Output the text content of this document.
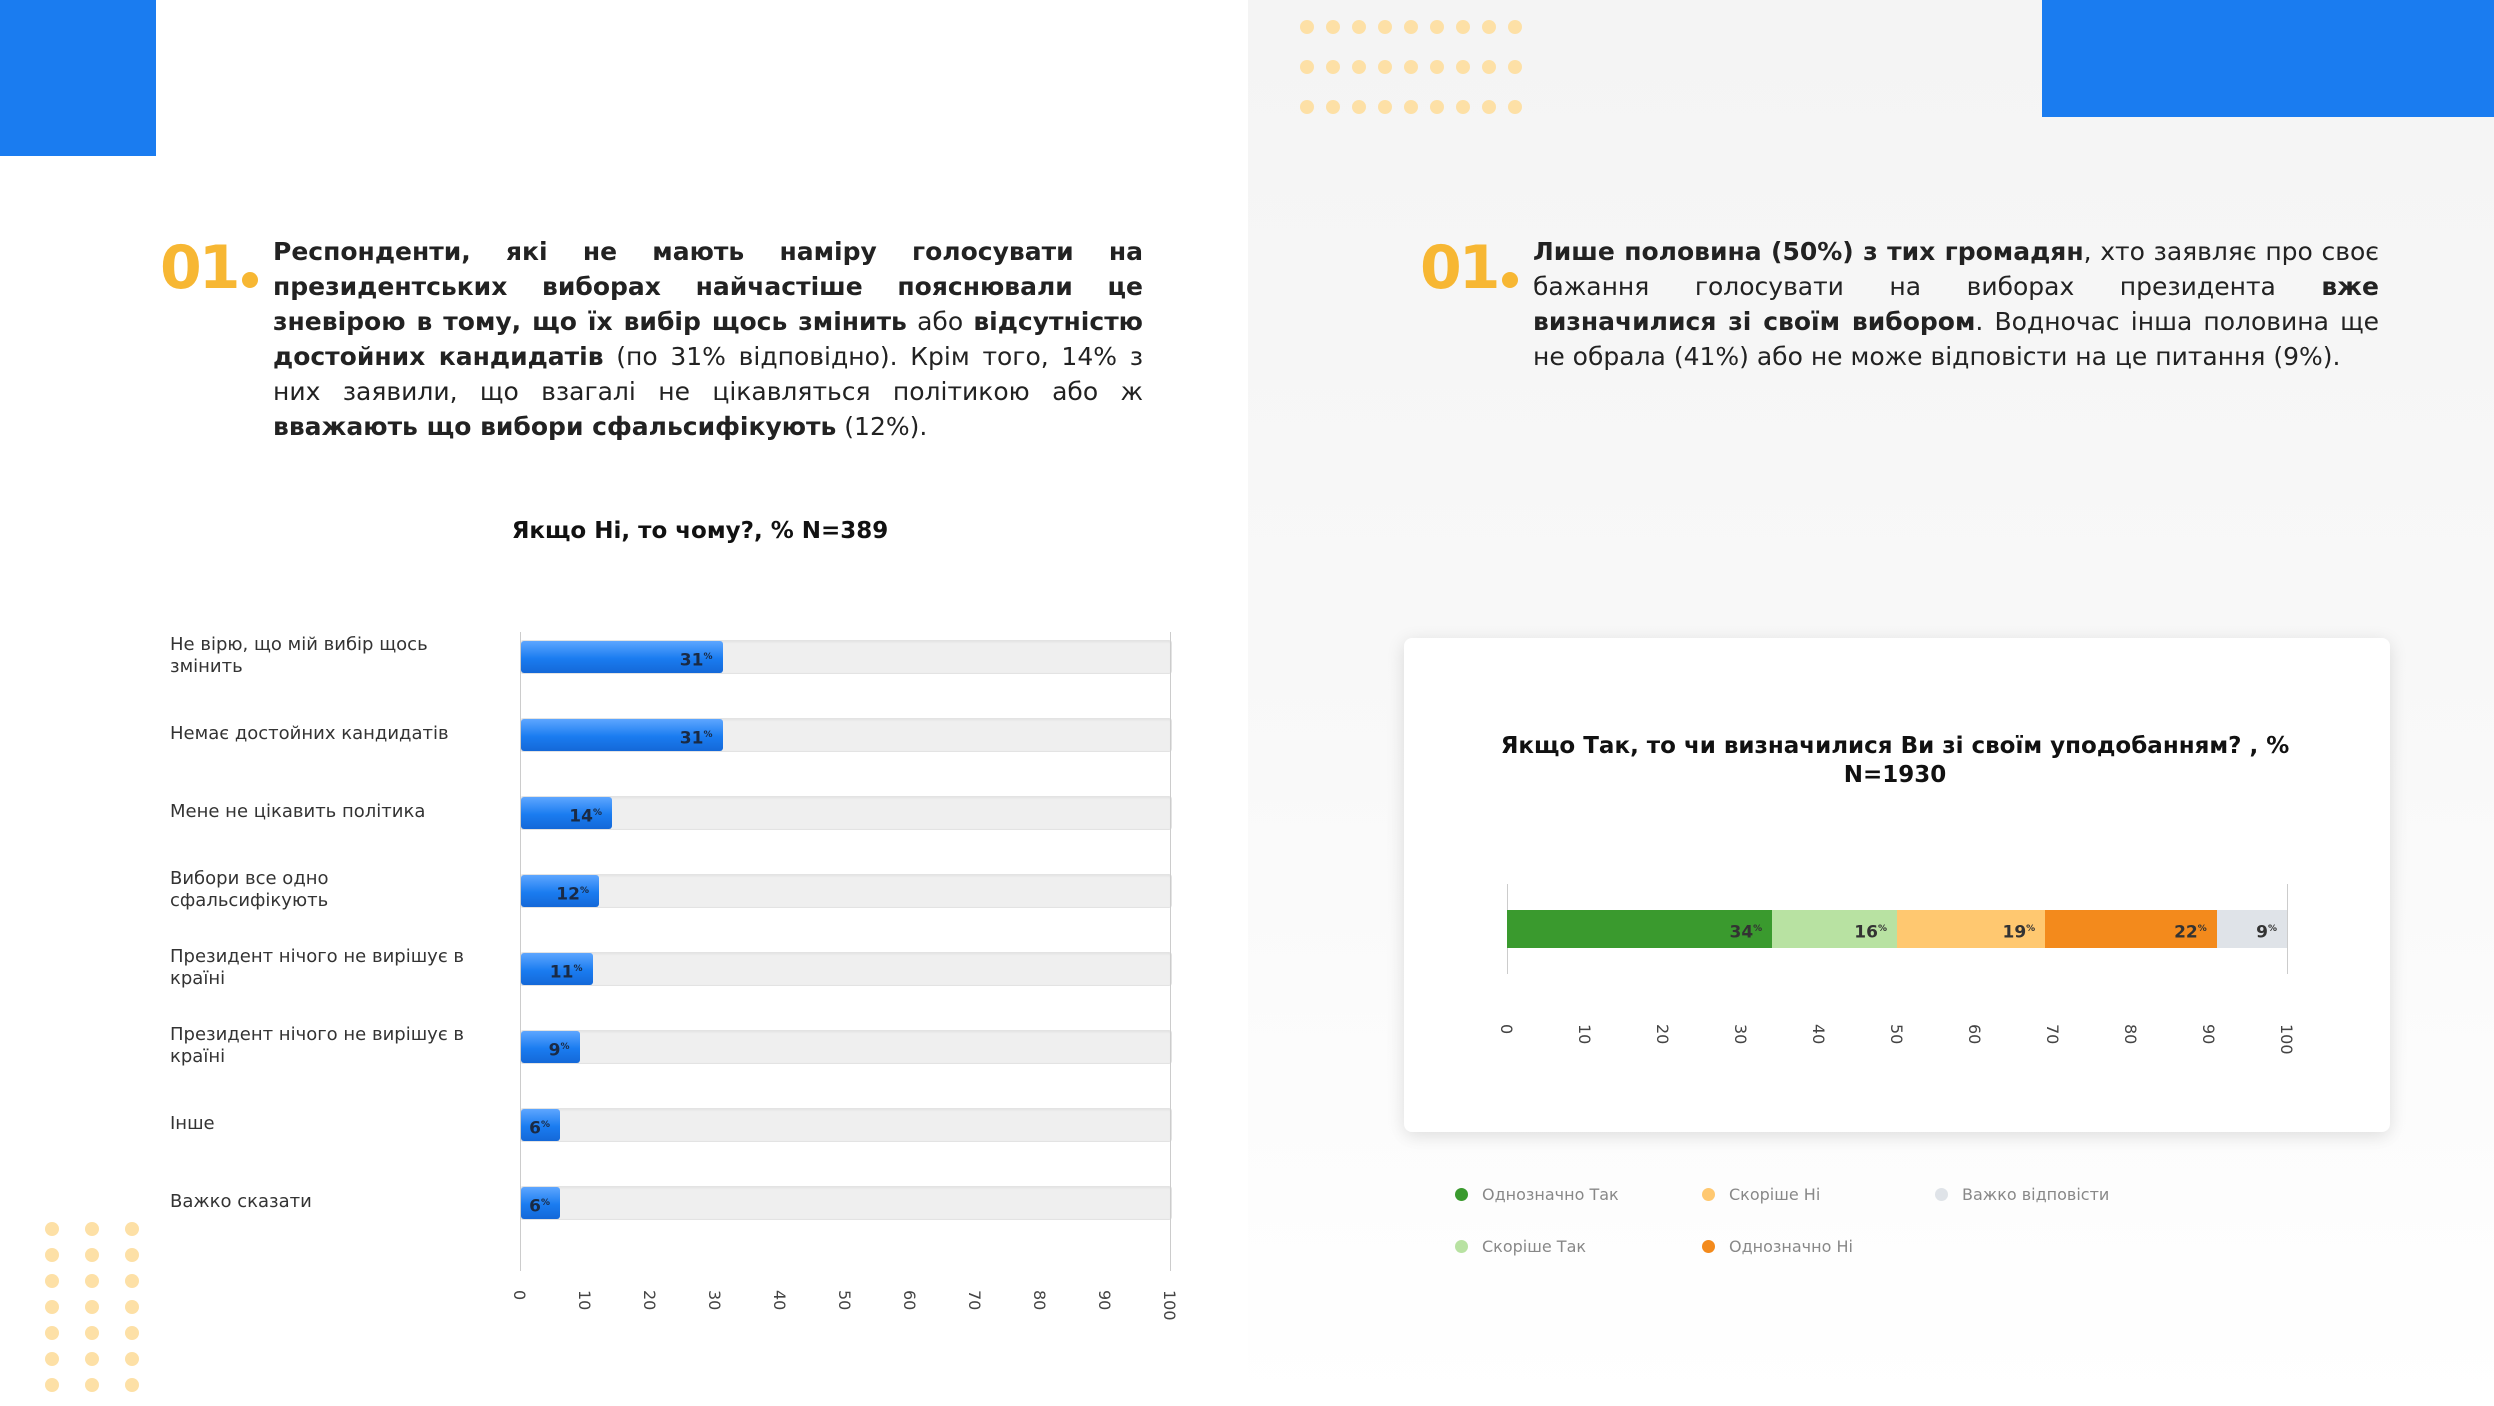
01	Респонденти, які не мають наміру голосувати на президентських виборах найчастіше пояснювали це зневірою в тому, що їх вибір щось змінить або відсутністю достойних кандидатів (по 31% відповідно). Крім того, 14% з них заявили, що взагалі не цікавляться політикою або ж вважають що вибори сфальсифікують (12%).

Якщо Ні, то чому?, % N=389

Не вірю, що мій вибір щось змінить	31%
Немає достойних кандидатів	31%
Мене не цікавить політика	14%
Вибори все одно сфальсифікують	12%
Президент нічого не вирішує в країні	11%
Президент нічого не вирішує в країні	9%
Інше	6%
Важко сказати	6%
0	10	20	30	40	50	60	70	80	90	100
01	Лише половина (50%) з тих громадян, хто заявляє про своє бажання голосувати на виборах президента вже визначилися зі своїм вибором. Водночас інша половина ще не обрала (41%) або не може відповісти на це питання (9%).

Якщо Так, то чи визначилися Ви зі своїм уподобанням? , % N=1930

34%	16%	19%	22%	9%
0	10	20	30	40	50	60	70	80	90	100
Однозначно Так	Скоріше Ні	Важко відповісти
Скоріше Так	Однозначно Ні
